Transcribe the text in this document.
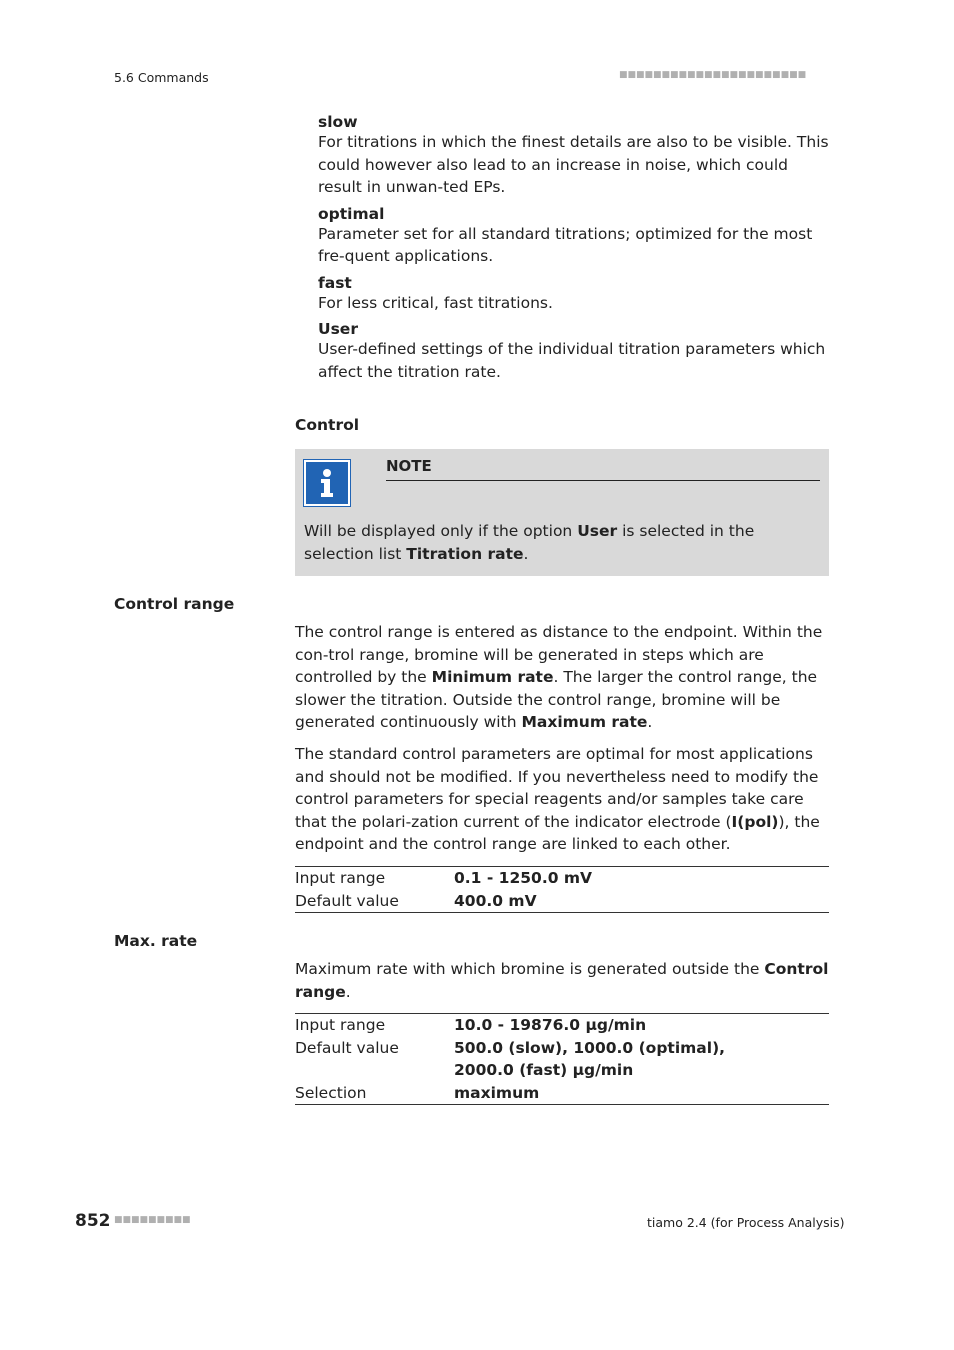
5.6 Commands	■■■■■■■■■■■■■■■■■■■■■■
slow
For titrations in which the finest details are also to be visible. This could however also lead to an increase in noise, which could result in unwan-ted EPs.
optimal
Parameter set for all standard titrations; optimized for the most fre-quent applications.
fast
For less critical, fast titrations.
User
User-defined settings of the individual titration parameters which affect the titration rate.
Control
NOTE
Will be displayed only if the option User is selected in the selection list Titration rate.
Control range
The control range is entered as distance to the endpoint. Within the con-trol range, bromine will be generated in steps which are controlled by the Minimum rate. The larger the control range, the slower the titration. Outside the control range, bromine will be generated continuously with Maximum rate.
The standard control parameters are optimal for most applications and should not be modified. If you nevertheless need to modify the control parameters for special reagents and/or samples take care that the polari-zation current of the indicator electrode (I(pol)), the endpoint and the control range are linked to each other.
Input range	0.1 - 1250.0 mV
Default value	400.0 mV
Max. rate
Maximum rate with which bromine is generated outside the Control range.
Input range	10.0 - 19876.0 µg/min
Default value	500.0 (slow), 1000.0 (optimal), 2000.0 (fast) µg/min
Selection	maximum
852 ■■■■■■■■■	tiamo 2.4 (for Process Analysis)
